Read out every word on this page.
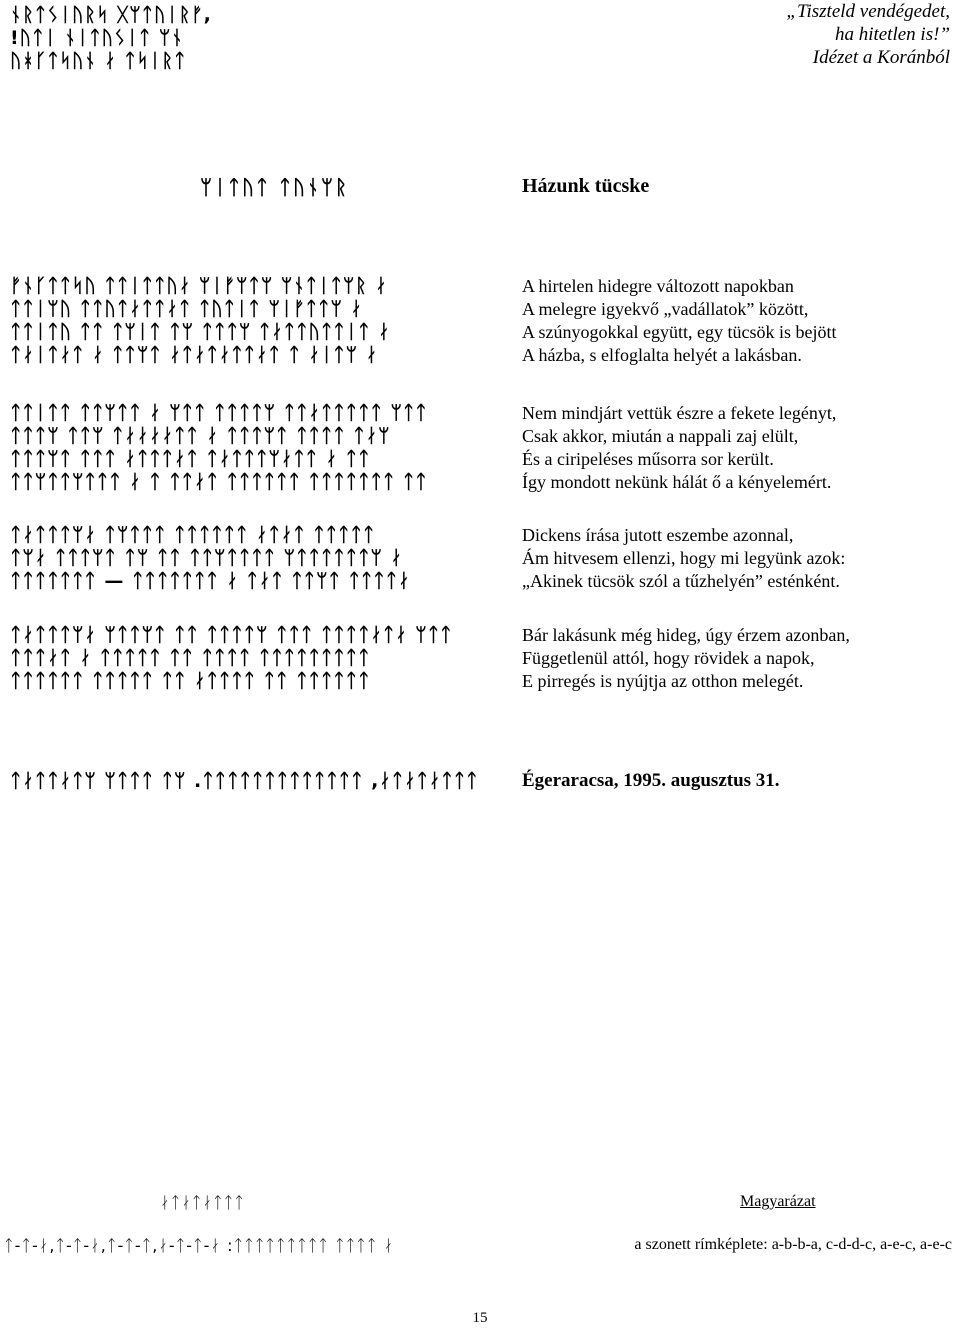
ᚾᚱᛏᛊᛁᚢᚱᛋ ᚷᛘᛏᚢᛁᚱᚠ,
!ᚢᛏᛁ ᚾᛁᛏᚢᛊᛁᛏ ᛘᚾ
ᚢᚼᚴᛏᛋᚢᚾ ᛅ ᛏᛋᛁᚱᛏ
ᛘᛁᛏᚢᛏ ᛏᚢᚾᛘᚱ
ᚠᚾᚴᛏᛏᛋᚢ ᛏᛏᛁᛏᛏᚢᛅ ᛘᛁᚠᛘᛏᛘ ᛘᚾᛏᛁᛏᛘᚱ ᛅ
ᛏᛏᛁᛘᚢ ᛏᛏᚢᛏᛅᛏᛏᛅᛏ ᛏᚢᛏᛁᛏ ᛘᛁᚠᛏᛏᛘ ᛅ
ᛏᛏᛁᛏᚢ ᛏᛏ ᛏᛘᛁᛏ ᛏᛘ ᛏᛏᛏᛘ ᛏᛅᛏᛏᚢᛏᛏᛁᛏ ᛅ
ᛏᛅᛁᛏᛅᛏ ᛅ ᛏᛏᛘᛏ ᛅᛏᛅᛏᛅᛏᛏᛅᛏ ᛏ ᛅᛁᛏᛘ ᛅ
ᛏᛏᛁᛏᛏ ᛏᛏᛘᛏᛏ ᛅ ᛘᛏᛏ ᛏᛏᛏᛏᛘ ᛏᛏᛅᛏᛏᛏᛏᛏ ᛘᛏᛏ
ᛏᛏᛏᛘ ᛏᛏᛘ ᛏᛅᛅᛅᛅᛏᛏ ᛅ ᛏᛏᛏᛘᛏ ᛏᛏᛏᛏ ᛏᛅᛘ
ᛏᛏᛏᛘᛏ ᛏᛏᛏ ᛅᛏᛏᛏᛅᛏ ᛏᛅᛏᛏᛏᛘᛅᛏᛏ ᛅ ᛏᛏ
ᛏᛏᛘᛏᛏᛘᛏᛏᛏ ᛅ ᛏ ᛏᛏᛅᛏ ᛏᛏᛏᛏᛏᛏ ᛏᛏᛏᛏᛏᛏᛏ ᛏᛏ
ᛏᛅᛏᛏᛏᛘᛅ ᛏᛘᛏᛏᛏ ᛏᛏᛏᛏᛏᛏ ᛅᛏᛅᛏ ᛏᛏᛏᛏᛏ
ᛏᛘᛅ ᛏᛏᛏᛘᛏ ᛏᛘ ᛏᛏ ᛏᛏᛘᛏᛏᛏᛏ ᛘᛏᛏᛏᛏᛏᛏᛘ ᛅ
ᛏᛏᛏᛏᛏᛏᛏ — ᛏᛏᛏᛏᛏᛏᛏ ᛅ ᛏᛅᛏ ᛏᛏᛘᛏ ᛏᛏᛏᛏᛅ
ᛏᛅᛏᛏᛏᛘᛅ ᛘᛏᛏᛘᛏ ᛏᛏ ᛏᛏᛏᛏᛘ ᛏᛏᛏ ᛏᛏᛏᛏᛅᛏᛅ ᛘᛏᛏ
ᛏᛏᛏᛅᛏ ᛅ ᛏᛏᛏᛏᛏ ᛏᛏ ᛏᛏᛏᛏ ᛏᛏᛏᛏᛏᛏᛏᛏᛏ
ᛏᛏᛏᛏᛏᛏ ᛏᛏᛏᛏᛏ ᛏᛏ ᛅᛏᛏᛏᛏ ᛏᛏ ᛏᛏᛏᛏᛏᛏ
ᛏᛅᛏᛏᛅᛏᛘ ᛘᛏᛏᛏ ᛏᛘ .ᛏᛏᛏᛏᛏᛏᛏᛏᛏᛏᛏᛏᛏ ,ᛅᛏᛅᛏᛅᛏᛏᛏ
ᛅᛏᛅᛏᛅᛏᛏᛏ
ᛏ-ᛏ-ᛅ,ᛏ-ᛏ-ᛅ,ᛏ-ᛏ-ᛏ,ᛅ-ᛏ-ᛏ-ᛅ :ᛏᛏᛏᛏᛏᛏᛏᛏᛏ ᛏᛏᛏᛏ ᛅ
„Tiszteld vendégedet,
ha hitetlen is!”
Idézet a Koránból
Házunk tücske
A hirtelen hidegre változott napokban
A melegre igyekvő „vadállatok” között,
A szúnyogokkal együtt, egy tücsök is bejött
A házba, s elfoglalta helyét a lakásban.
Nem mindjárt vettük észre a fekete legényt,
Csak akkor, miután a nappali zaj elült,
És a ciripeléses műsorra sor került.
Így mondott nekünk hálát ő a kényelemért.
Dickens írása jutott eszembe azonnal,
Ám hitvesem ellenzi, hogy mi legyünk azok:
„Akinek tücsök szól a tűzhelyén” esténként.
Bár lakásunk még hideg, úgy érzem azonban,
Függetlenül attól, hogy rövidek a napok,
E pirregés is nyújtja az otthon melegét.
Égeraracsa, 1995. augusztus 31.
Magyarázat
a szonett rímképlete: a-b-b-a, c-d-d-c, a-e-c, a-e-c
15
